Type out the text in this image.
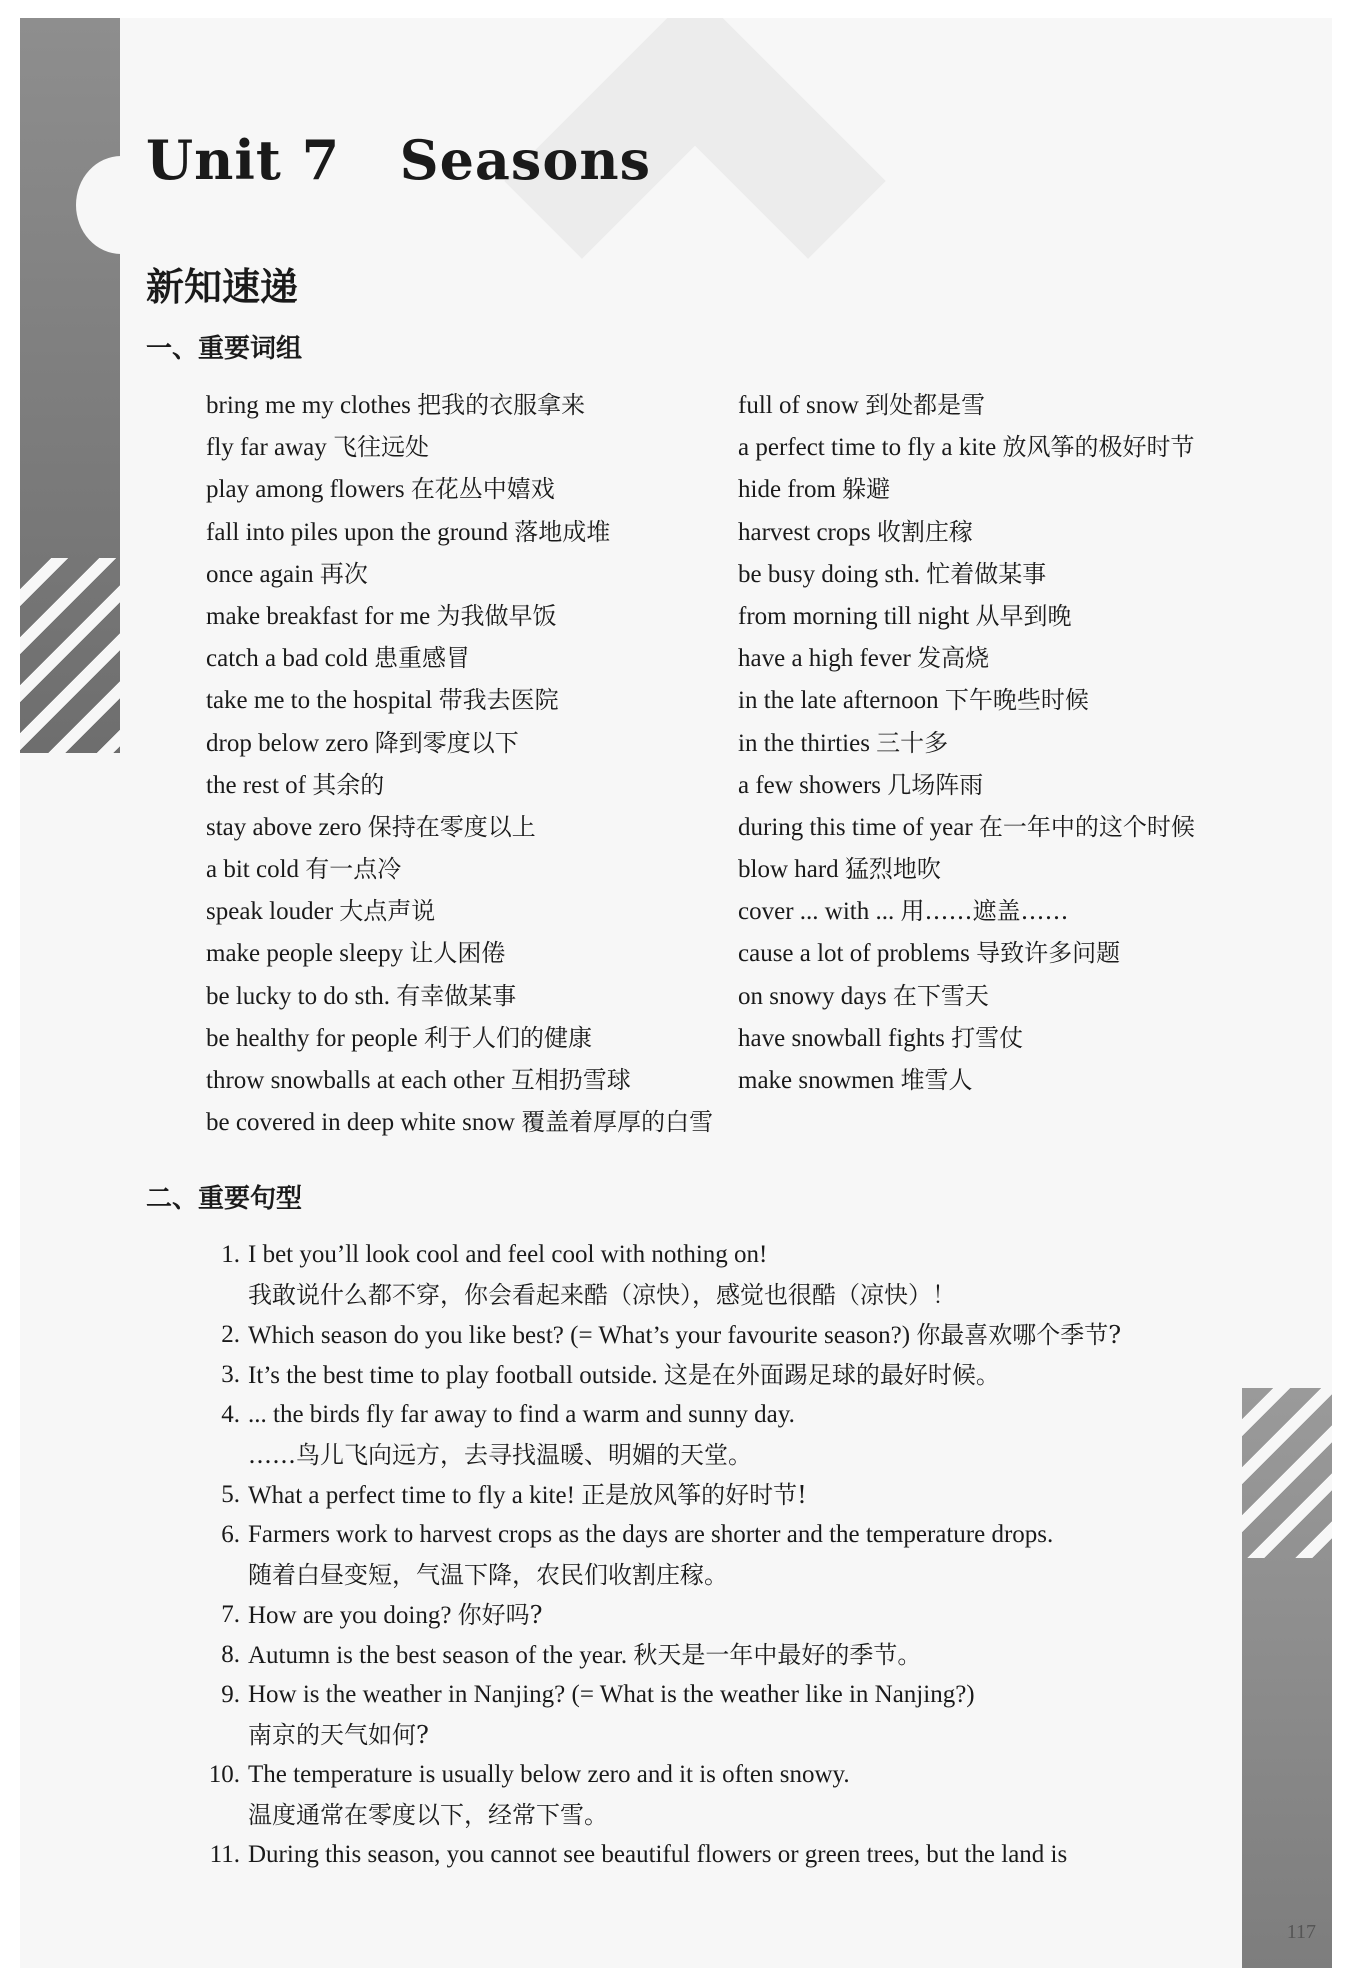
Unit 7   Seasons
新知速递
一、重要词组
bring me my clothes 把我的衣服拿来
fly far away 飞往远处
play among flowers 在花丛中嬉戏
fall into piles upon the ground 落地成堆
once again 再次
make breakfast for me 为我做早饭
catch a bad cold 患重感冒
take me to the hospital 带我去医院
drop below zero 降到零度以下
the rest of 其余的
stay above zero 保持在零度以上
a bit cold 有一点冷
speak louder 大点声说
make people sleepy 让人困倦
be lucky to do sth. 有幸做某事
be healthy for people 利于人们的健康
throw snowballs at each other 互相扔雪球
be covered in deep white snow 覆盖着厚厚的白雪
full of snow 到处都是雪
a perfect time to fly a kite 放风筝的极好时节
hide from 躲避
harvest crops 收割庄稼
be busy doing sth. 忙着做某事
from morning till night 从早到晚
have a high fever 发高烧
in the late afternoon 下午晚些时候
in the thirties 三十多
a few showers 几场阵雨
during this time of year 在一年中的这个时候
blow hard 猛烈地吹
cover ... with ... 用……遮盖……
cause a lot of problems 导致许多问题
on snowy days 在下雪天
have snowball fights 打雪仗
make snowmen 堆雪人
二、重要句型
1. I bet you’ll look cool and feel cool with nothing on!
我敢说什么都不穿，你会看起来酷（凉快），感觉也很酷（凉快）！
2. Which season do you like best? (= What’s your favourite season?) 你最喜欢哪个季节?
3. It’s the best time to play football outside. 这是在外面踢足球的最好时候。
4. ... the birds fly far away to find a warm and sunny day.
……鸟儿飞向远方，去寻找温暖、明媚的天堂。
5. What a perfect time to fly a kite! 正是放风筝的好时节!
6. Farmers work to harvest crops as the days are shorter and the temperature drops.
随着白昼变短，气温下降，农民们收割庄稼。
7. How are you doing? 你好吗?
8. Autumn is the best season of the year. 秋天是一年中最好的季节。
9. How is the weather in Nanjing? (= What is the weather like in Nanjing?)
南京的天气如何?
10. The temperature is usually below zero and it is often snowy.
温度通常在零度以下，经常下雪。
11. During this season, you cannot see beautiful flowers or green trees, but the land is
117
